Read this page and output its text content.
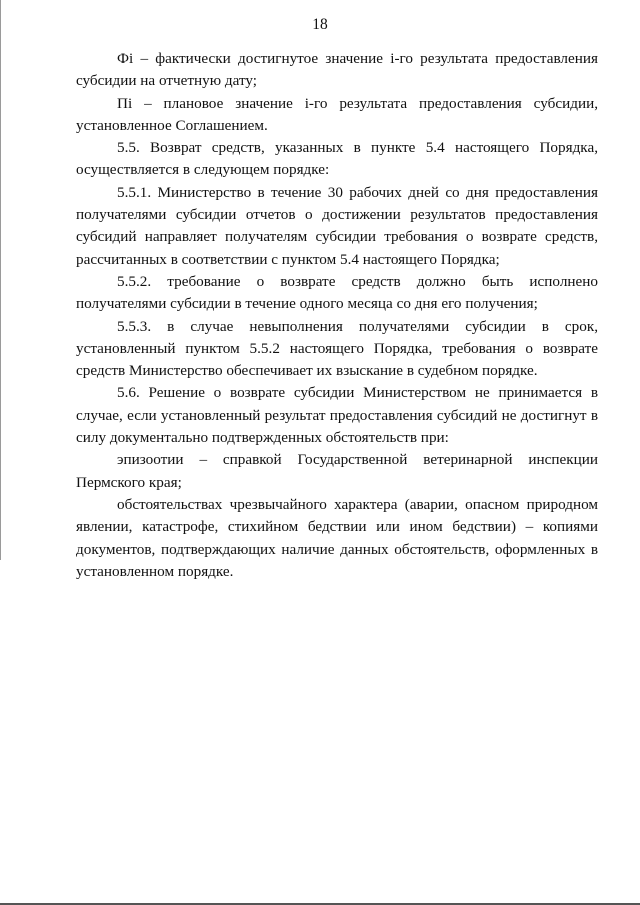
18

Фi – фактически достигнутое значение i-го результата предоставления субсидии на отчетную дату;

Пi – плановое значение i-го результата предоставления субсидии, установленное Соглашением.

5.5. Возврат средств, указанных в пункте 5.4 настоящего Порядка, осуществляется в следующем порядке:

5.5.1. Министерство в течение 30 рабочих дней со дня предоставления получателями субсидии отчетов о достижении результатов предоставления субсидий направляет получателям субсидии требования о возврате средств, рассчитанных в соответствии с пунктом 5.4 настоящего Порядка;

5.5.2. требование о возврате средств должно быть исполнено получателями субсидии в течение одного месяца со дня его получения;

5.5.3. в случае невыполнения получателями субсидии в срок, установленный пунктом 5.5.2 настоящего Порядка, требования о возврате средств Министерство обеспечивает их взыскание в судебном порядке.

5.6. Решение о возврате субсидии Министерством не принимается в случае, если установленный результат предоставления субсидий не достигнут в силу документально подтвержденных обстоятельств при:

эпизоотии – справкой Государственной ветеринарной инспекции Пермского края;

обстоятельствах чрезвычайного характера (аварии, опасном природном явлении, катастрофе, стихийном бедствии или ином бедствии) – копиями документов, подтверждающих наличие данных обстоятельств, оформленных в установленном порядке.
